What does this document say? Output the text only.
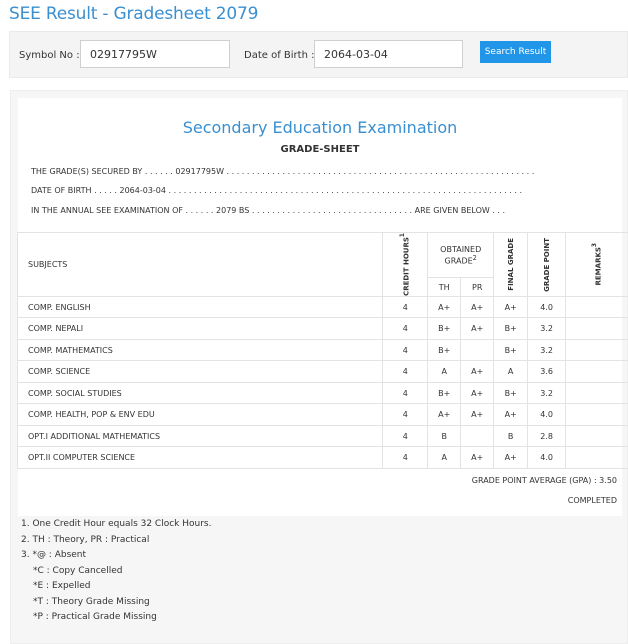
SEE Result - Gradesheet 2079
Symbol No : 02917795W	Date of Birth : 2064-03-04	Search Result
Secondary Education Examination
GRADE-SHEET
THE GRADE(S) SECURED BY . . . . . . 02917795W . . . . . . . . . . . . . . . . . . . . . . . . . . . . . . . . . . . . . . . . . . . . . . . . . . . . . . . . . . . . .
DATE OF BIRTH . . . . . 2064-03-04 . . . . . . . . . . . . . . . . . . . . . . . . . . . . . . . . . . . . . . . . . . . . . . . . . . . . . . . . . . . . . . . . . . . . . .
IN THE ANNUAL SEE EXAMINATION OF . . . . . . 2079 BS . . . . . . . . . . . . . . . . . . . . . . . . . . . . . . . . ARE GIVEN BELOW . . .
SUBJECTS	CREDIT HOURS$^1$	OBTAINED GRADE$^2$		FINAL GRADE	GRADE POINT	REMARKS$^3$

		TH	PR			
COMP. ENGLISH	4	A+	A+	A+	4.0	
COMP. NEPALI	4	B+	A+	B+	3.2	
COMP. MATHEMATICS	4	B+		B+	3.2	
COMP. SCIENCE	4	A	A+	A	3.6	
COMP. SOCIAL STUDIES	4	B+	A+	B+	3.2	
COMP. HEALTH, POP & ENV EDU	4	A+	A+	A+	4.0	
OPT.I ADDITIONAL MATHEMATICS	4	B		B	2.8	
OPT.II COMPUTER SCIENCE	4	A	A+	A+	4.0	
GRADE POINT AVERAGE (GPA) : 3.50
COMPLETED
1. One Credit Hour equals 32 Clock Hours.
2. TH : Theory, PR : Practical
3. *@ : Absent
*C : Copy Cancelled
*E : Expelled
*T : Theory Grade Missing
*P : Practical Grade Missing
